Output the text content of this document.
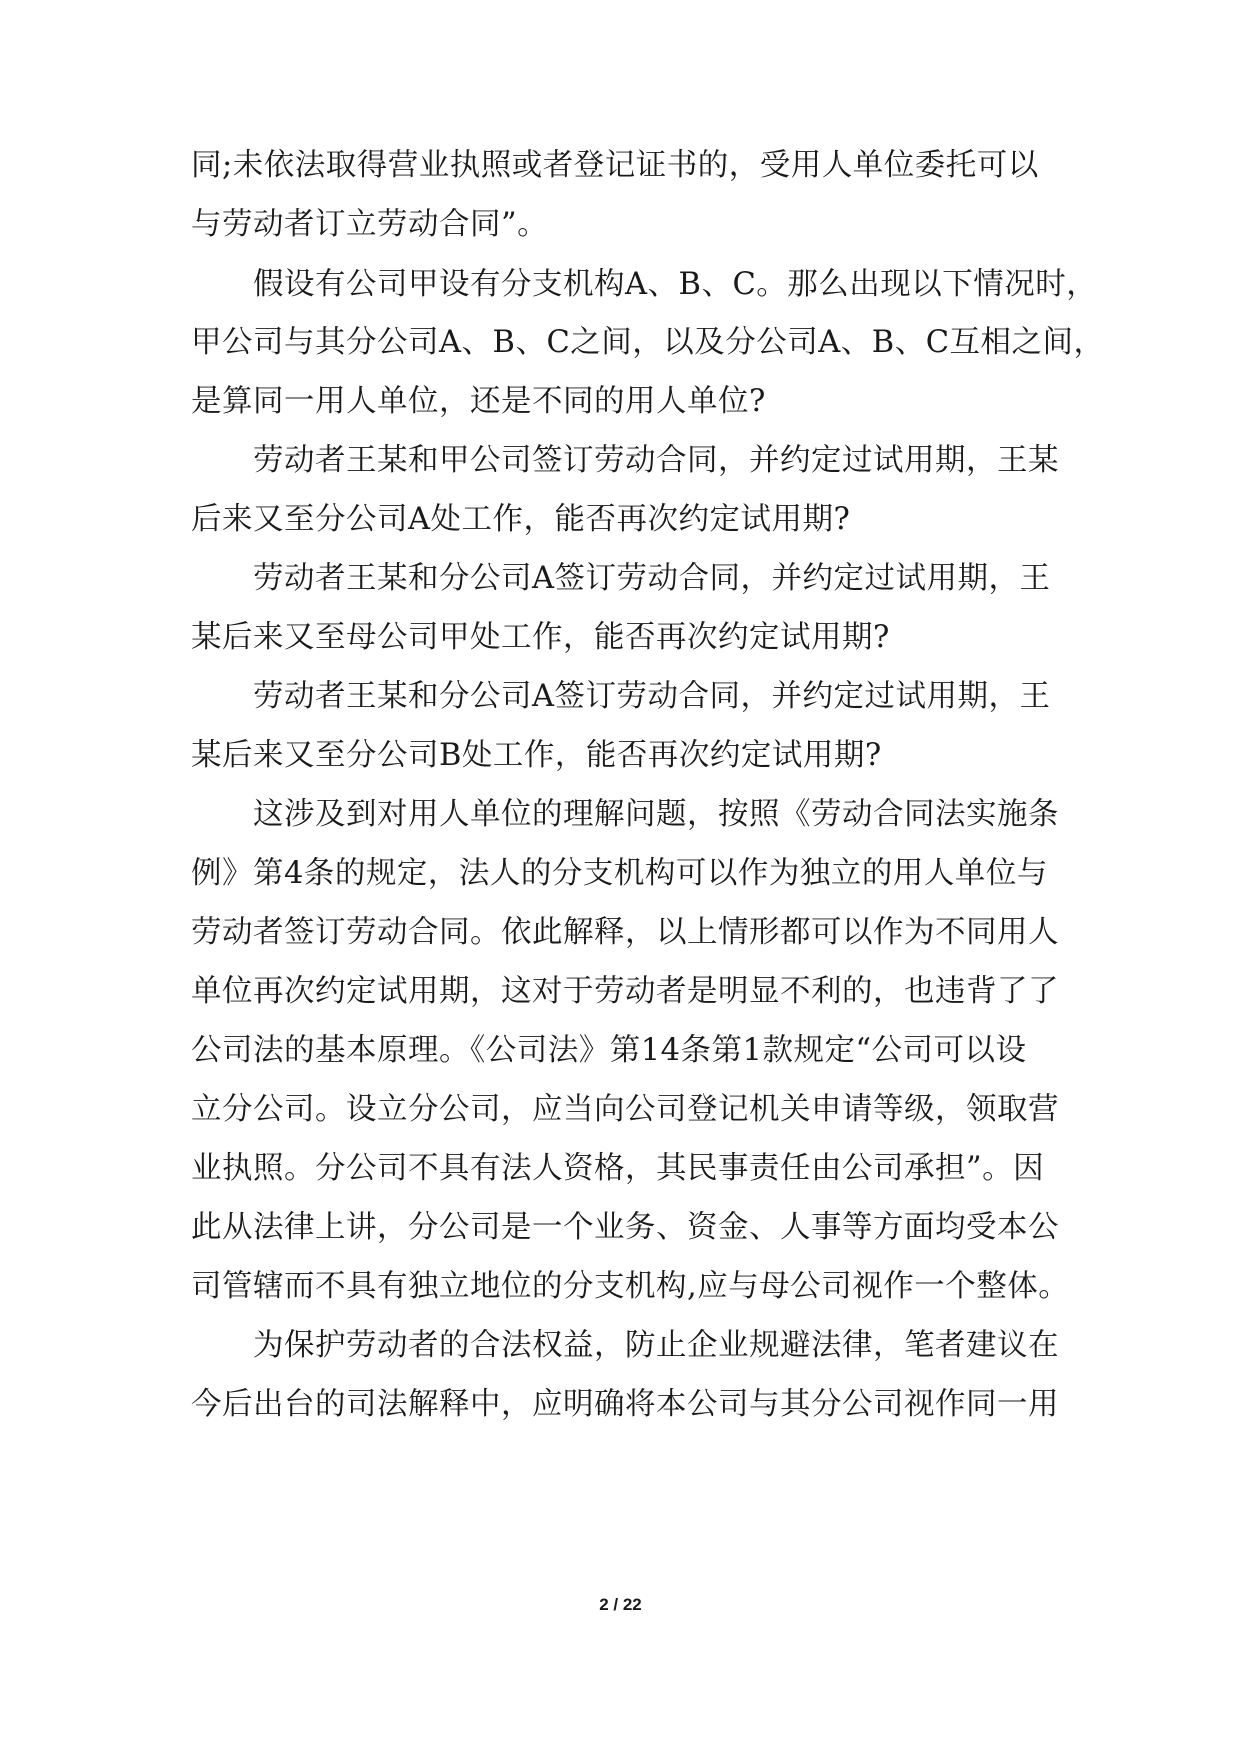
同;未依法取得营业执照或者登记证书的，受用人单位委托可以

与劳动者订立劳动合同”。

假设有公司甲设有分支机构A、B、C。那么出现以下情况时，

甲公司与其分公司A、B、C之间，以及分公司A、B、C互相之间，

是算同一用人单位，还是不同的用人单位?

劳动者王某和甲公司签订劳动合同，并约定过试用期，王某

后来又至分公司A处工作，能否再次约定试用期?

劳动者王某和分公司A签订劳动合同，并约定过试用期，王

某后来又至母公司甲处工作，能否再次约定试用期?

劳动者王某和分公司A签订劳动合同，并约定过试用期，王

某后来又至分公司B处工作，能否再次约定试用期?

这涉及到对用人单位的理解问题，按照《劳动合同法实施条

例》第4条的规定，法人的分支机构可以作为独立的用人单位与

劳动者签订劳动合同。依此解释，以上情形都可以作为不同用人

单位再次约定试用期，这对于劳动者是明显不利的，也违背了了

公司法的基本原理。《公司法》第14条第1款规定“公司可以设

立分公司。设立分公司，应当向公司登记机关申请等级，领取营

业执照。分公司不具有法人资格，其民事责任由公司承担”。因

此从法律上讲，分公司是一个业务、资金、人事等方面均受本公

司管辖而不具有独立地位的分支机构,应与母公司视作一个整体。

为保护劳动者的合法权益，防止企业规避法律，笔者建议在

今后出台的司法解释中，应明确将本公司与其分公司视作同一用

2 / 22
